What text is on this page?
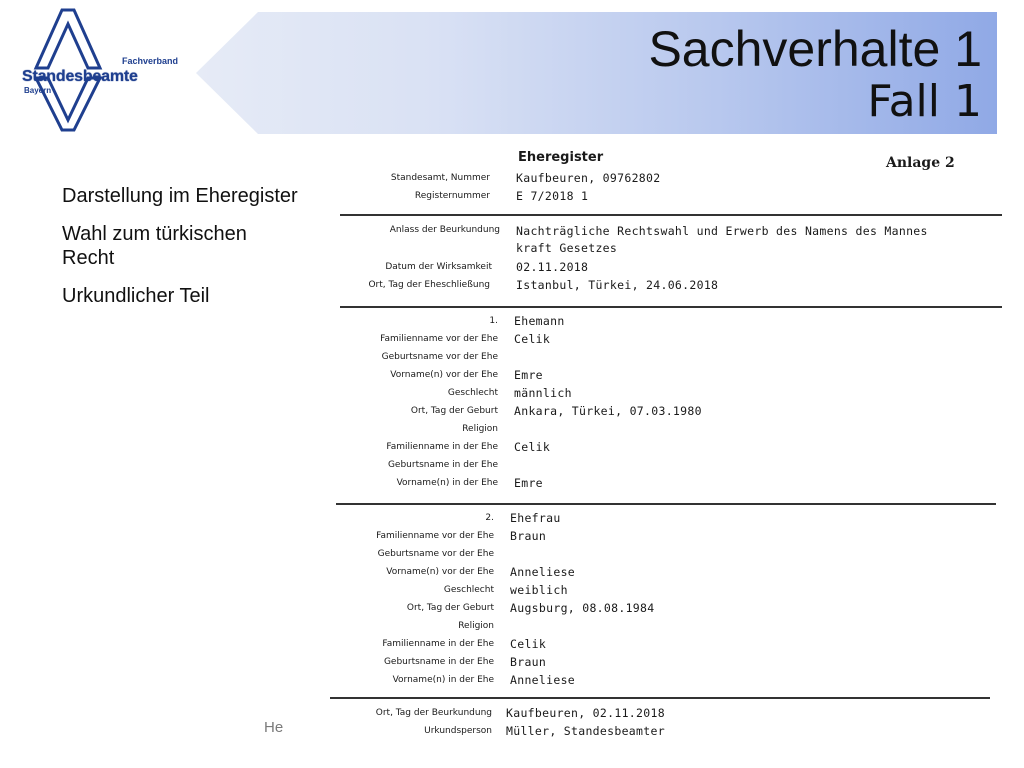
Fachverband
Standesbeamte
Bayern
Sachverhalte 1
Fall 1
Darstellung im Eheregister
Wahl zum türkischen Recht
Urkundlicher Teil
He
Eheregister	Anlage 2
Standesamt, Nummer Kaufbeuren, 09762802
Registernummer E 7/2018 1
Anlass der Beurkundung Nachträgliche Rechtswahl und Erwerb des Namens des Mannes
kraft Gesetzes
Datum der Wirksamkeit 02.11.2018
Ort, Tag der Eheschließung Istanbul, Türkei, 24.06.2018
1. Ehemann
Familienname vor der Ehe Celik
Geburtsname vor der Ehe
Vorname(n) vor der Ehe Emre
Geschlecht männlich
Ort, Tag der Geburt Ankara, Türkei, 07.03.1980
Religion
Familienname in der Ehe Celik
Geburtsname in der Ehe
Vorname(n) in der Ehe Emre
2. Ehefrau
Familienname vor der Ehe Braun
Geburtsname vor der Ehe
Vorname(n) vor der Ehe Anneliese
Geschlecht weiblich
Ort, Tag der Geburt Augsburg, 08.08.1984
Religion
Familienname in der Ehe Celik
Geburtsname in der Ehe Braun
Vorname(n) in der Ehe Anneliese
Ort, Tag der Beurkundung Kaufbeuren, 02.11.2018
Urkundsperson Müller, Standesbeamter
